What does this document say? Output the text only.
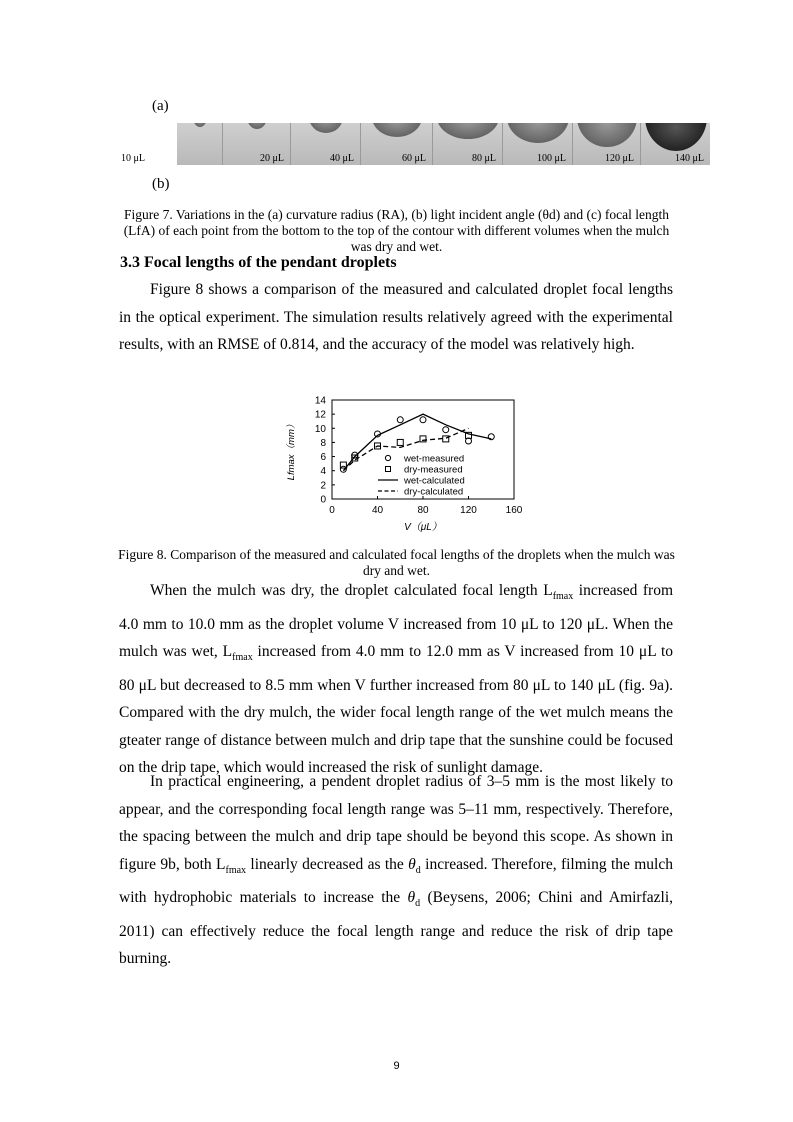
(a)
10 μL	20 μL	40 μL	60 μL	80 μL	100 μL	120 μL	140 μL
(b)
Figure 7. Variations in the (a) curvature radius (RA), (b) light incident angle (θd) and (c) focal length (LfA) of each point from the bottom to the top of the contour with different volumes when the mulch was dry and wet.
3.3 Focal lengths of the pendant droplets
Figure 8 shows a comparison of the measured and calculated droplet focal lengths in the optical experiment. The simulation results relatively agreed with the experimental results, with an RMSE of 0.814, and the accuracy of the model was relatively high.
0
2
4
6
8
10
12
14
0	40	80	120	160
wet-measured
dry-measured
wet-calculated
dry-calculated
Lfmax（mm）
V（μL）
Figure 8. Comparison of the measured and calculated focal lengths of the droplets when the mulch was dry and wet.
When the mulch was dry, the droplet calculated focal length $L_{fmax}$ increased from 4.0 mm to 10.0 mm as the droplet volume V increased from 10 μL to 120 μL. When the mulch was wet, $L_{fmax}$ increased from 4.0 mm to 12.0 mm as V increased from 10 μL to 80 μL but decreased to 8.5 mm when V further increased from 80 μL to 140 μL (fig. 9a). Compared with the dry mulch, the wider focal length range of the wet mulch means the gteater range of distance between mulch and drip tape that the sunshine could be focused on the drip tape, which would increased the risk of sunlight damage.
In practical engineering, a pendent droplet radius of 3–5 mm is the most likely to appear, and the corresponding focal length range was 5–11 mm, respectively. Therefore, the spacing between the mulch and drip tape should be beyond this scope. As shown in figure 9b, both $L_{fmax}$ linearly decreased as the $\theta_d$ increased. Therefore, filming the mulch with hydrophobic materials to increase the $\theta_d$ (Beysens, 2006; Chini and Amirfazli, 2011) can effectively reduce the focal length range and reduce the risk of drip tape burning.
9
